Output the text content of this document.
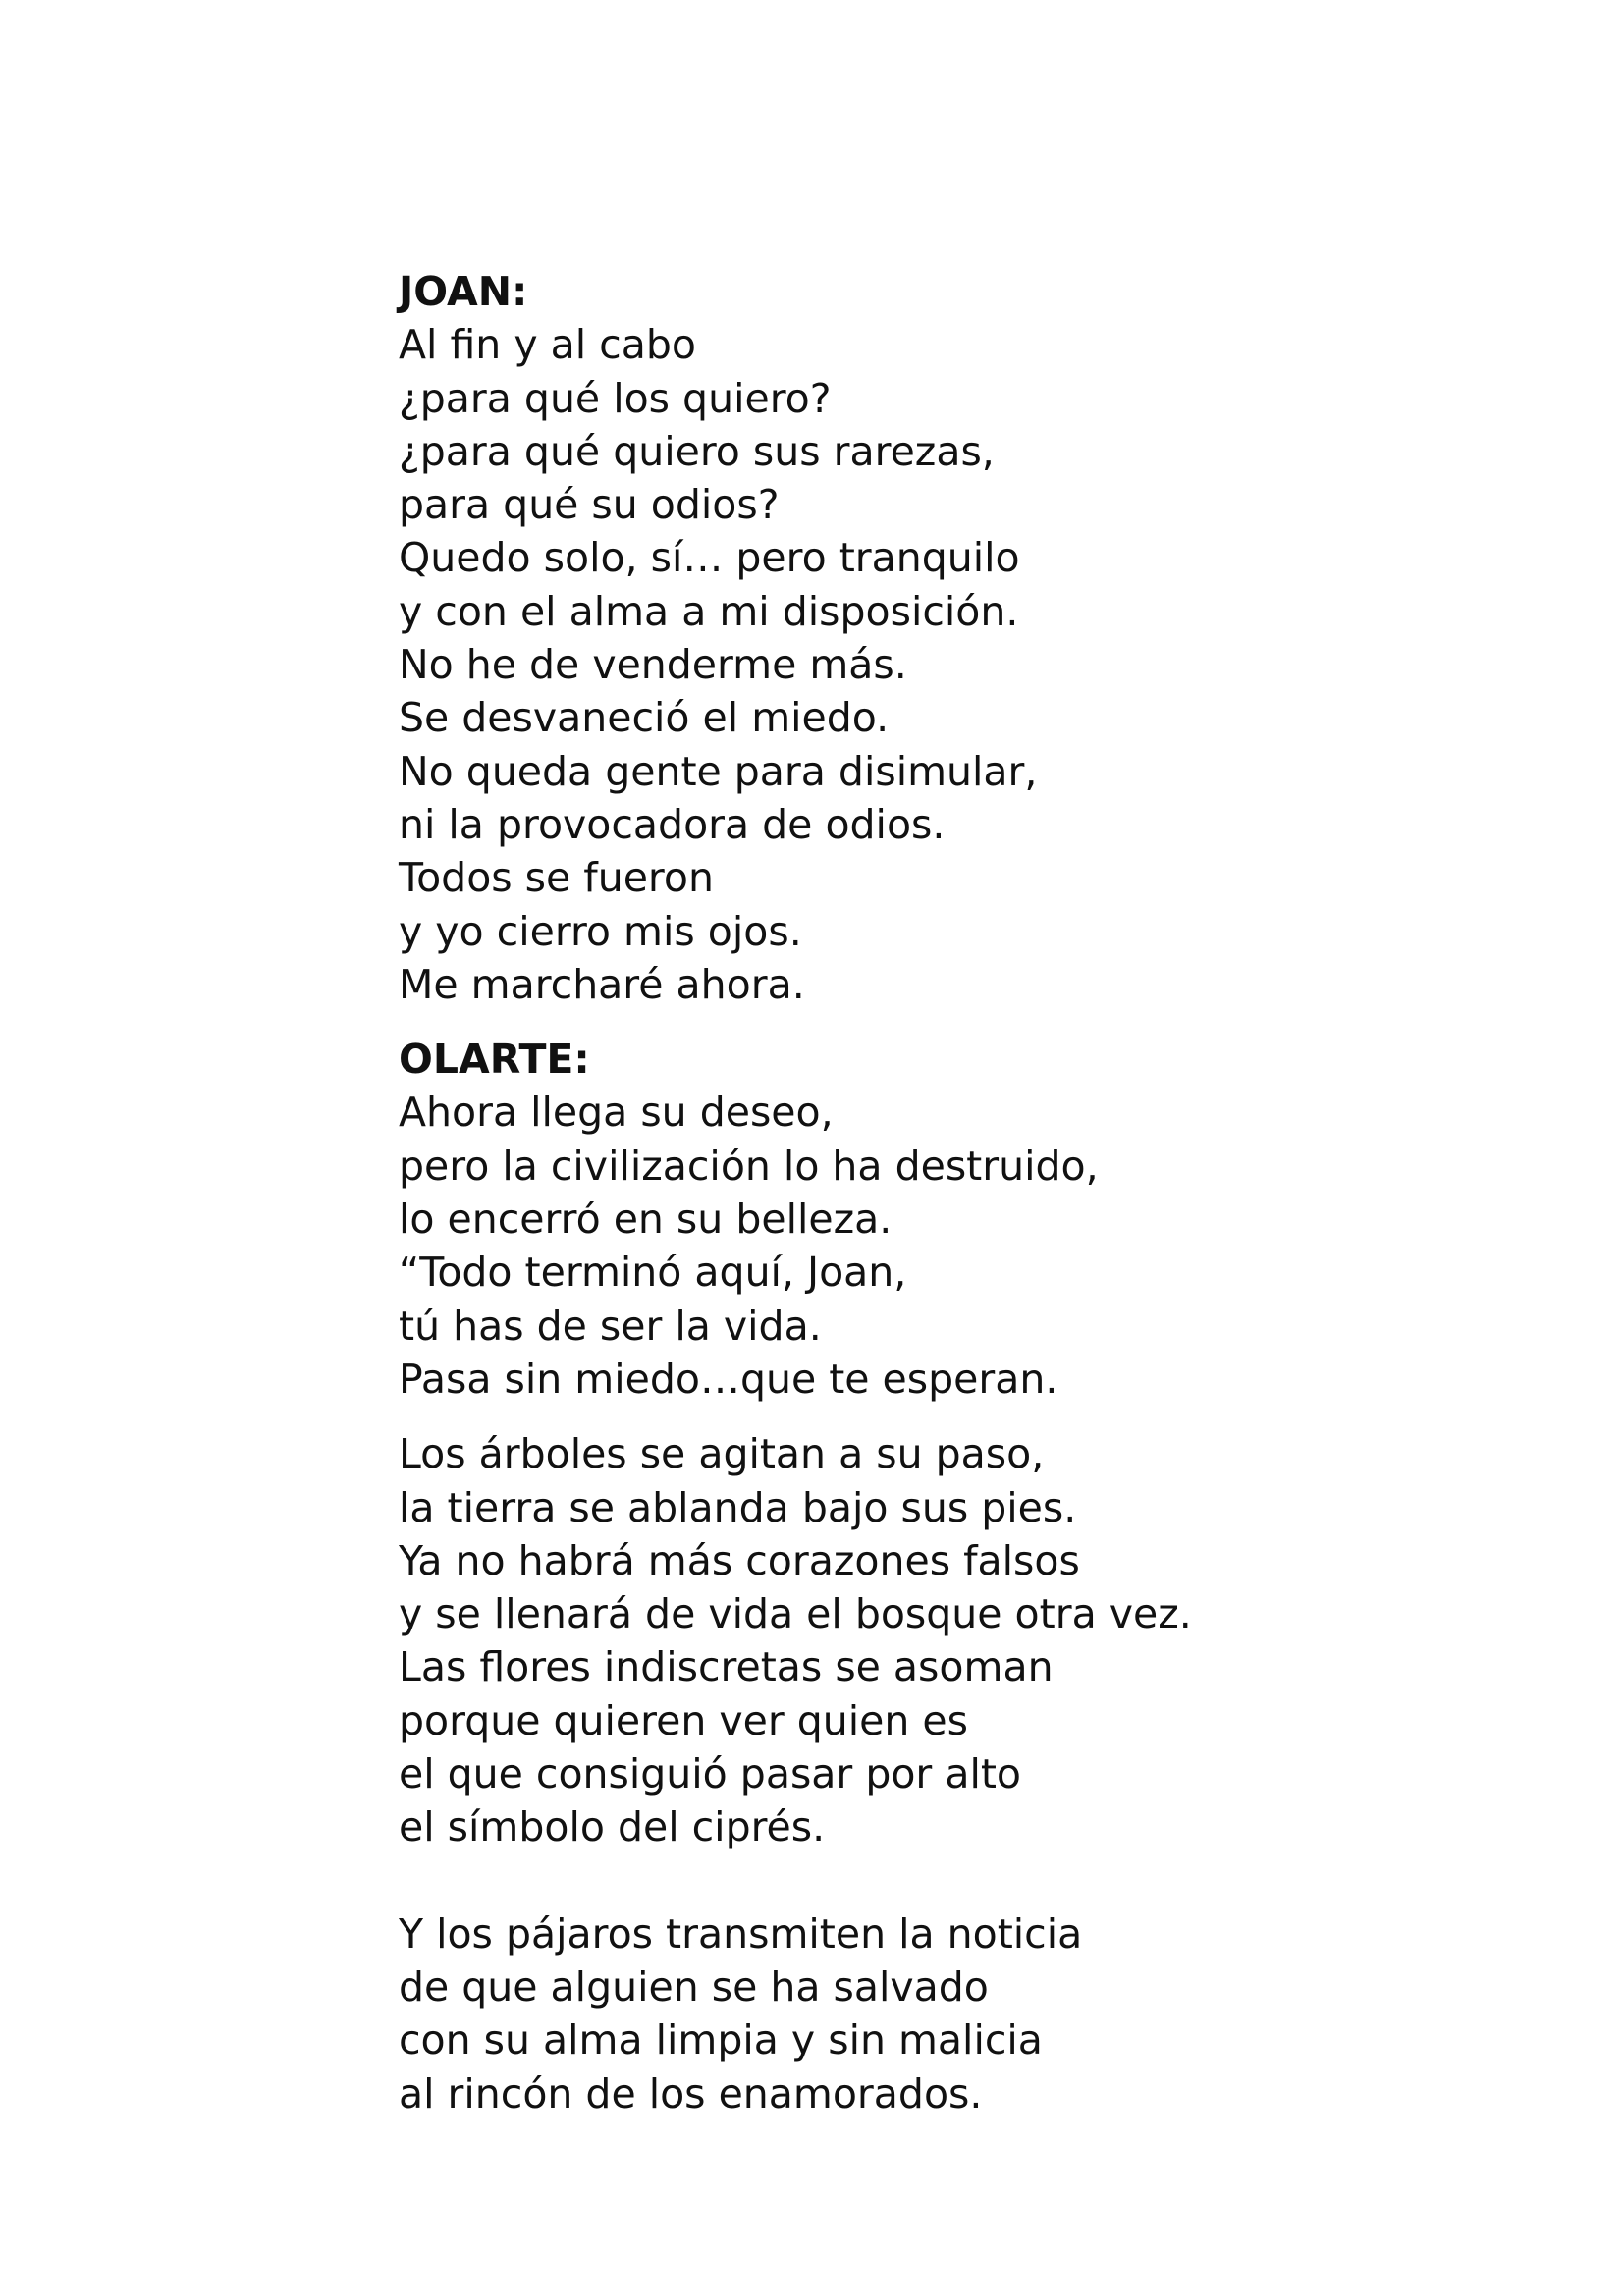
JOAN:

Al fin y al cabo

¿para qué los quiero?

¿para qué quiero sus rarezas,

para qué su odios?

Quedo solo, sí… pero tranquilo

y con el alma a mi disposición.

No he de venderme más.

Se desvaneció el miedo.

No queda gente para disimular,

ni la provocadora de odios.

Todos se fueron

y yo cierro mis ojos.

Me marcharé ahora.

OLARTE:

Ahora llega su deseo,

pero la civilización lo ha destruido,

lo encerró en su belleza.

“Todo terminó aquí, Joan,

tú has de ser la vida.

Pasa sin miedo…que te esperan.

Los árboles se agitan a su paso,

la tierra se ablanda bajo sus pies.

Ya no habrá más corazones falsos

y se llenará de vida el bosque otra vez.

Las flores indiscretas se asoman

porque quieren ver quien es

el que consiguió pasar por alto

el símbolo del ciprés.

Y los pájaros transmiten la noticia

de que alguien se ha salvado

con su alma limpia y sin malicia

al rincón de los enamorados.
